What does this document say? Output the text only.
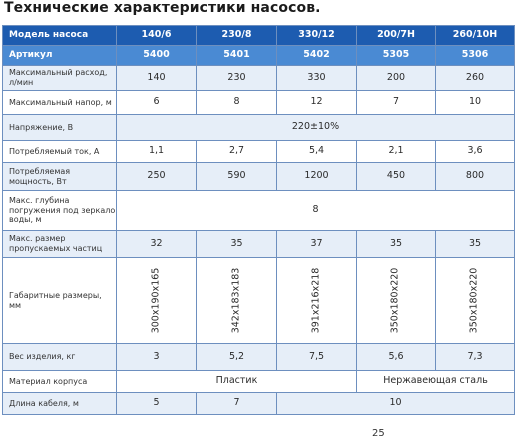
Технические характеристики насосов.
Модель насоса	140/6	230/8	330/12	200/7Н	260/10Н
Артикул	5400	5401	5402	5305	5306
Максимальный расход, л/мин	140	230	330	200	260
Максимальный напор, м	6	8	12	7	10
Напряжение, В	220±10%				
Потребляемый ток, А	1,1	2,7	5,4	2,1	3,6
Потребляемая мощность, Вт	250	590	1200	450	800
Макс. глубина погружения под зеркало воды, м	8				
Макс. размер пропускаемых частиц	32	35	37	35	35
Габаритные размеры, мм	300x190x165	342x183x183	391x216x218	350x180x220	350x180x220
Вес изделия, кг	3	5,2	7,5	5,6	7,3
Материал корпуса	Пластик			Нержавеющая сталь	
Длина кабеля, м	5	7	10		
25
